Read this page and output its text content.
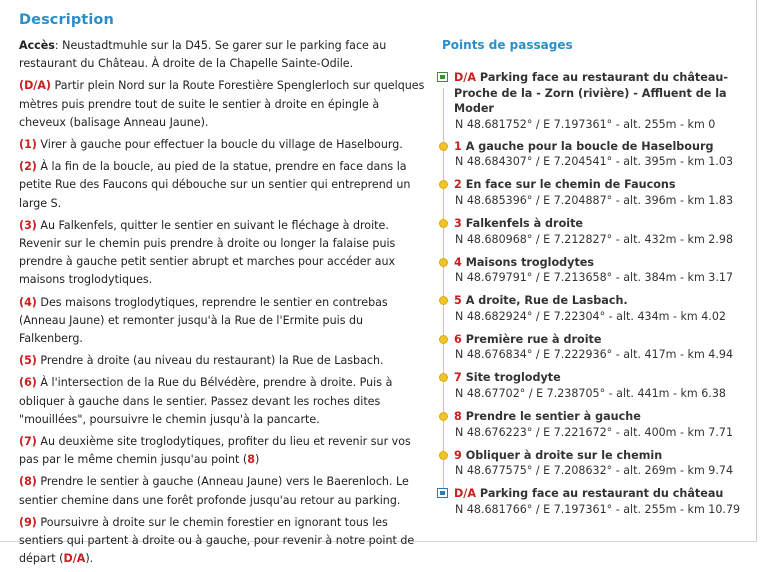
Description

Accès: Neustadtmuhle sur la D45. Se garer sur le parking face au restaurant du Château. À droite de la Chapelle Sainte-Odile.

(D/A) Partir plein Nord sur la Route Forestière Spenglerloch sur quelques mètres puis prendre tout de suite le sentier à droite en épingle à cheveux (balisage Anneau Jaune).

(1) Virer à gauche pour effectuer la boucle du village de Haselbourg.

(2) À la fin de la boucle, au pied de la statue, prendre en face dans la petite Rue des Faucons qui débouche sur un sentier qui entreprend un large S.

(3) Au Falkenfels, quitter le sentier en suivant le fléchage à droite. Revenir sur le chemin puis prendre à droite ou longer la falaise puis prendre à gauche petit sentier abrupt et marches pour accéder aux maisons troglodytiques.

(4) Des maisons troglodytiques, reprendre le sentier en contrebas (Anneau Jaune) et remonter jusqu'à la Rue de l'Ermite puis du Falkenberg.

(5) Prendre à droite (au niveau du restaurant) la Rue de Lasbach.

(6) À l'intersection de la Rue du Bélvédère, prendre à droite. Puis à obliquer à gauche dans le sentier. Passez devant les roches dites "mouillées", poursuivre le chemin jusqu'à la pancarte.

(7) Au deuxième site troglodytiques, profiter du lieu et revenir sur vos pas par le même chemin jusqu'au point (8)

(8) Prendre le sentier à gauche (Anneau Jaune) vers le Baerenloch. Le sentier chemine dans une forêt profonde jusqu'au retour au parking.

(9) Poursuivre à droite sur le chemin forestier en ignorant tous les sentiers qui partent à droite ou à gauche, pour revenir à notre point de départ (D/A).

Points de passages
D/A Parking face au restaurant du château- Proche de la - Zorn (rivière) - Affluent de la Moder
N 48.681752° / E 7.197361° - alt. 255m - km 0
1 A gauche pour la boucle de Haselbourg
N 48.684307° / E 7.204541° - alt. 395m - km 1.03
2 En face sur le chemin de Faucons
N 48.685396° / E 7.204887° - alt. 396m - km 1.83
3 Falkenfels à droite
N 48.680968° / E 7.212827° - alt. 432m - km 2.98
4 Maisons troglodytes
N 48.679791° / E 7.213658° - alt. 384m - km 3.17
5 A droite, Rue de Lasbach.
N 48.682924° / E 7.22304° - alt. 434m - km 4.02
6 Première rue à droite
N 48.676834° / E 7.222936° - alt. 417m - km 4.94
7 Site troglodyte
N 48.67702° / E 7.238705° - alt. 441m - km 6.38
8 Prendre le sentier à gauche
N 48.676223° / E 7.221672° - alt. 400m - km 7.71
9 Obliquer à droite sur le chemin
N 48.677575° / E 7.208632° - alt. 269m - km 9.74
D/A Parking face au restaurant du château
N 48.681766° / E 7.197361° - alt. 255m - km 10.79
